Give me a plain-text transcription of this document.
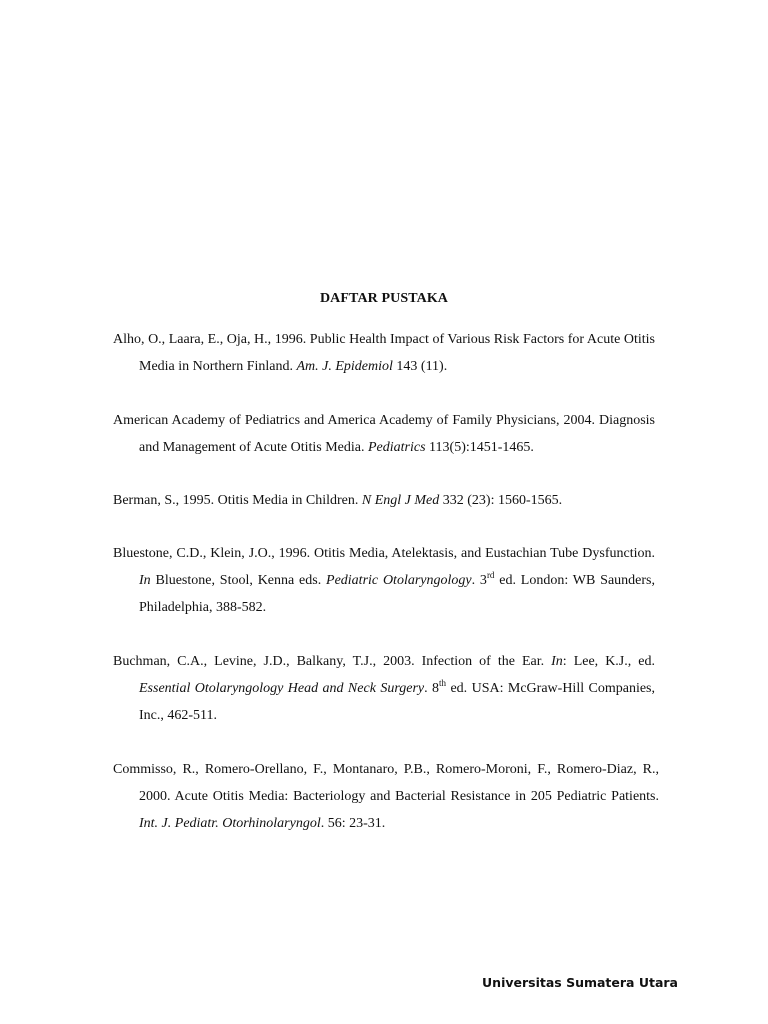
DAFTAR PUSTAKA
Alho, O., Laara, E., Oja, H., 1996. Public Health Impact of Various Risk Factors for Acute Otitis Media in Northern Finland. Am. J. Epidemiol 143 (11).
American Academy of Pediatrics and America Academy of Family Physicians, 2004. Diagnosis and Management of Acute Otitis Media. Pediatrics 113(5):1451-1465.
Berman, S., 1995. Otitis Media in Children. N Engl J Med 332 (23): 1560-1565.
Bluestone, C.D., Klein, J.O., 1996. Otitis Media, Atelektasis, and Eustachian Tube Dysfunction. In Bluestone, Stool, Kenna eds. Pediatric Otolaryngology. 3rd ed. London: WB Saunders, Philadelphia, 388-582.
Buchman, C.A., Levine, J.D., Balkany, T.J., 2003. Infection of the Ear. In: Lee, K.J., ed. Essential Otolaryngology Head and Neck Surgery. 8th ed. USA: McGraw-Hill Companies, Inc., 462-511.
Commisso, R., Romero-Orellano, F., Montanaro, P.B., Romero-Moroni, F., Romero-Diaz, R., 2000. Acute Otitis Media: Bacteriology and Bacterial Resistance in 205 Pediatric Patients. Int. J. Pediatr. Otorhinolaryngol. 56: 23-31.
Universitas Sumatera Utara
